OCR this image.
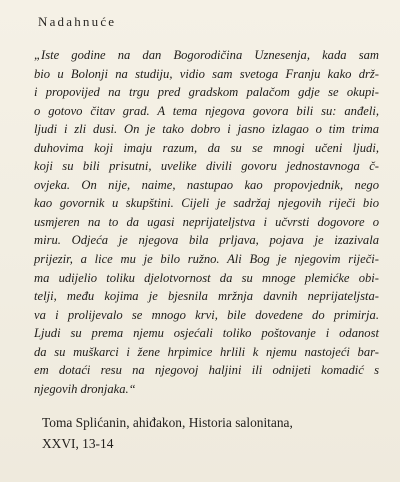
Nadahnuće

„Iste godine na dan Bogorodičina Uznesenja, kada sam
bio u Bolonji na studiju, vidio sam svetoga Franju kako drž-
i propovijed na trgu pred gradskom palačom gdje se okupi-
o gotovo čitav grad. A tema njegova govora bili su: anđeli,
ljudi i zli dusi. On je tako dobro i jasno izlagao o tim trima
duhovima koji imaju razum, da su se mnogi učeni ljudi,
koji su bili prisutni, uvelike divili govoru jednostavnoga č-
ovjeka. On nije, naime, nastupao kao propovjednik, nego
kao govornik u skupštini. Cijeli je sadržaj njegovih riječi bio
usmjeren na to da ugasi neprijateljstva i učvrsti dogovore o
miru. Odjeća je njegova bila prljava, pojava je izazivala
prijezir, a lice mu je bilo ružno. Ali Bog je njegovim riječi-
ma udijelio toliku djelotvornost da su mnoge plemićke obi-
telji, među kojima je bjesnila mržnja davnih neprijateljsta-
va i prolijevalo se mnogo krvi, bile dovedene do primirja.
Ljudi su prema njemu osjećali toliko poštovanje i odanost
da su muškarci i žene hrpimice hrlili k njemu nastojeći bar-
em dotaći resu na njegovoj haljini ili odnijeti komadić s
njegovih dronjaka.“

Toma Splićanin, ahiđakon, Historia salonitana,
XXVI, 13-14
